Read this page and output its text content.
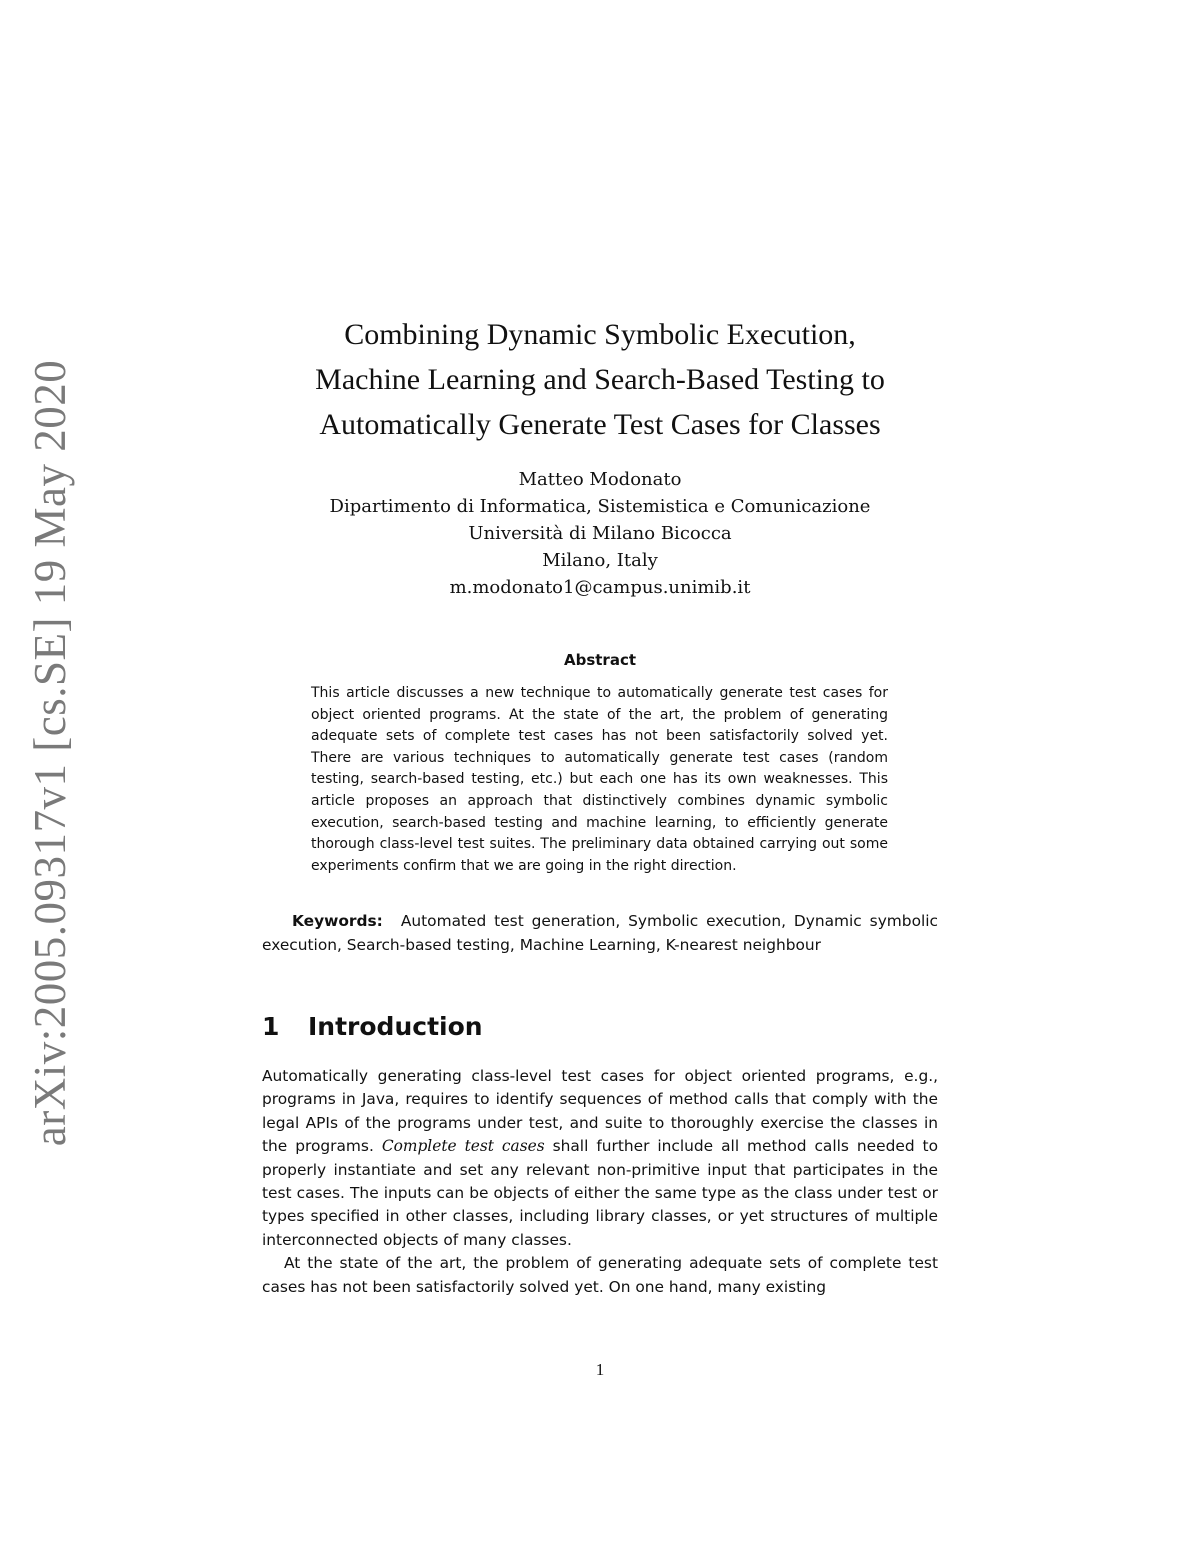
arXiv:2005.09317v1 [cs.SE] 19 May 2020
Combining Dynamic Symbolic Execution,
Machine Learning and Search-Based Testing to
Automatically Generate Test Cases for Classes
Matteo Modonato
Dipartimento di Informatica, Sistemistica e Comunicazione
Università di Milano Bicocca
Milano, Italy
m.modonato1@campus.unimib.it
Abstract
This article discusses a new technique to automatically generate test cases for object oriented programs. At the state of the art, the problem of generating adequate sets of complete test cases has not been satisfactorily solved yet. There are various techniques to automatically generate test cases (random testing, search-based testing, etc.) but each one has its own weaknesses. This article proposes an approach that distinctively combines dynamic symbolic execution, search-based testing and machine learning, to efficiently generate thorough class-level test suites. The preliminary data obtained carrying out some experiments confirm that we are going in the right direction.
Keywords: Automated test generation, Symbolic execution, Dynamic symbolic execution, Search-based testing, Machine Learning, K-nearest neighbour
1 Introduction

Automatically generating class-level test cases for object oriented programs, e.g., programs in Java, requires to identify sequences of method calls that comply with the legal APIs of the programs under test, and suite to thoroughly exercise the classes in the programs. Complete test cases shall further include all method calls needed to properly instantiate and set any relevant non-primitive input that participates in the test cases. The inputs can be objects of either the same type as the class under test or types specified in other classes, including library classes, or yet structures of multiple interconnected objects of many classes.

At the state of the art, the problem of generating adequate sets of complete test cases has not been satisfactorily solved yet. On one hand, many existing

1
